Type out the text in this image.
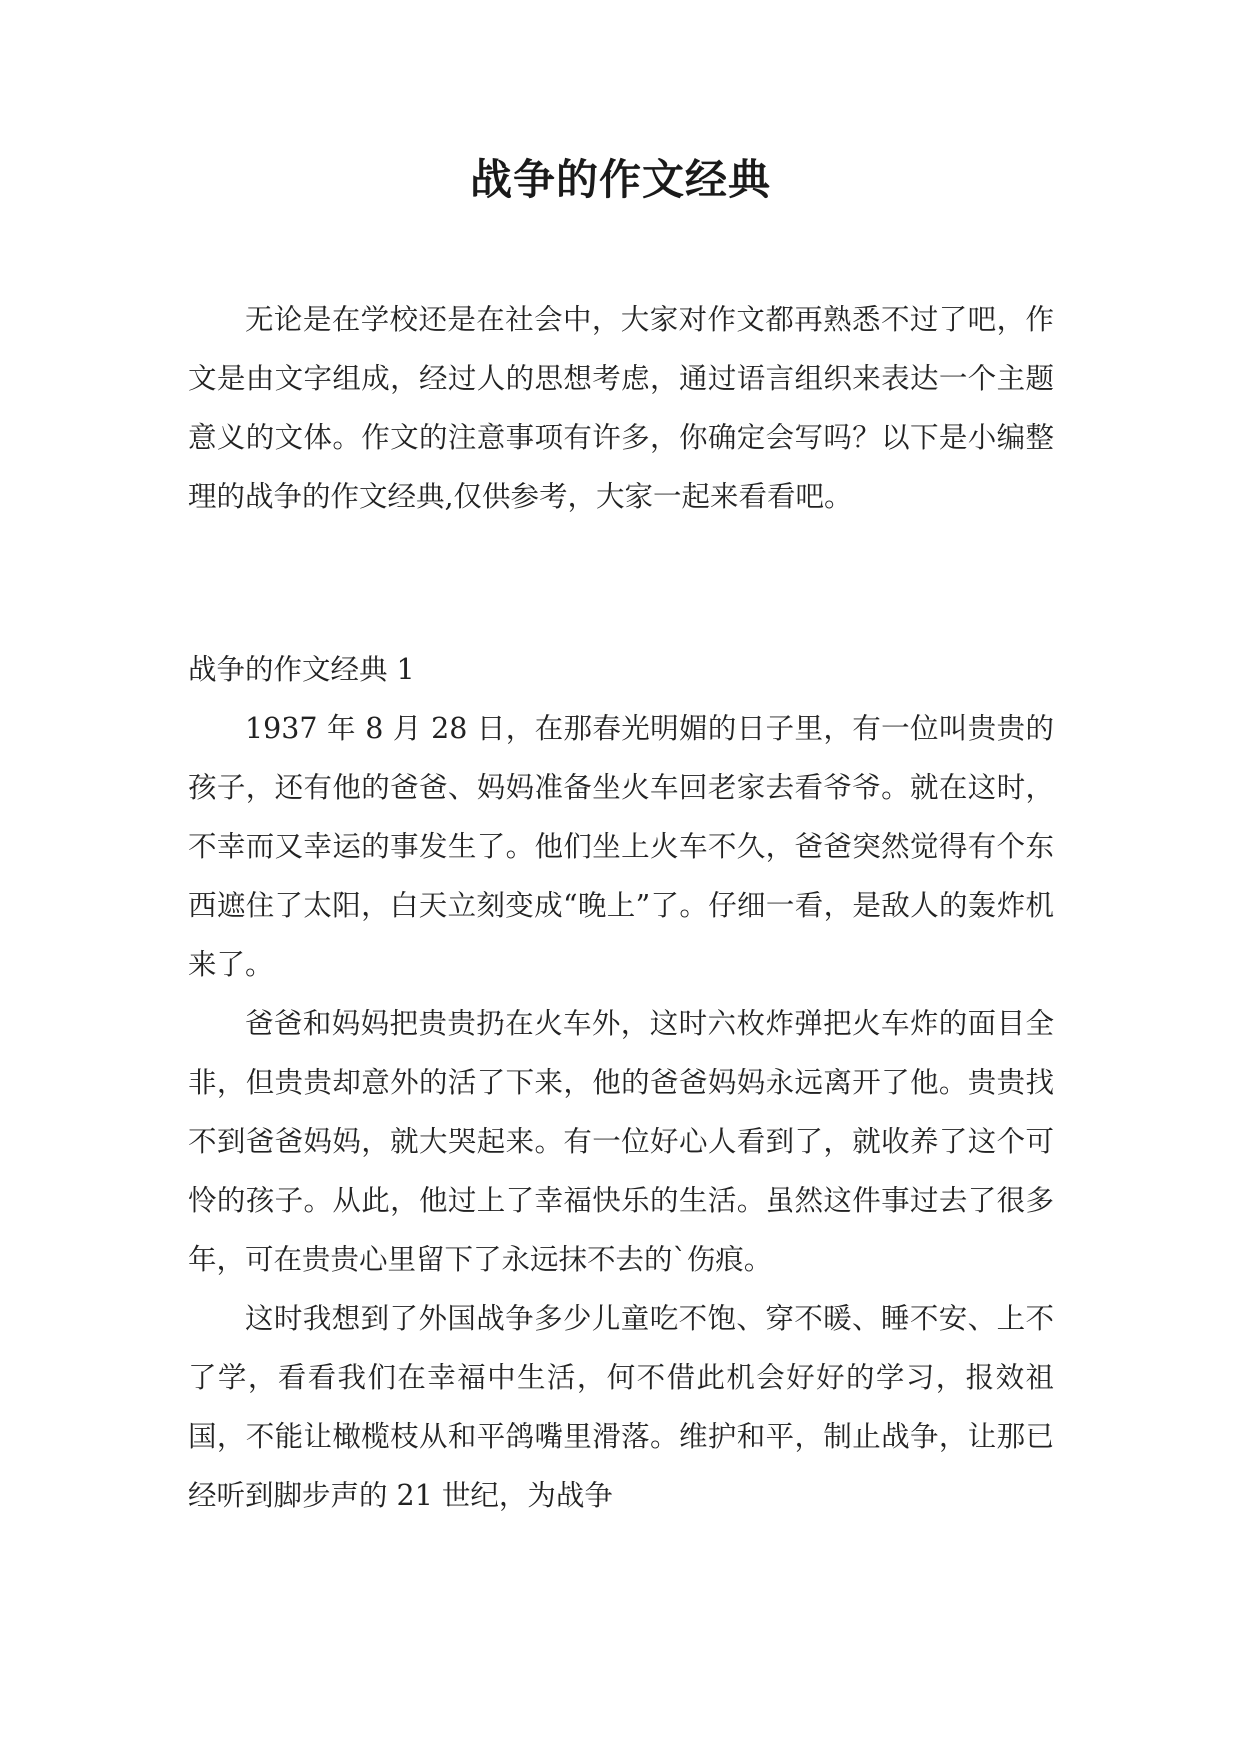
战争的作文经典

无论是在学校还是在社会中，大家对作文都再熟悉不过了吧，作文是由文字组成，经过人的思想考虑，通过语言组织来表达一个主题意义的文体。作文的注意事项有许多，你确定会写吗？以下是小编整理的战争的作文经典,仅供参考，大家一起来看看吧。

战争的作文经典 1

1937 年 8 月 28 日，在那春光明媚的日子里，有一位叫贵贵的孩子，还有他的爸爸、妈妈准备坐火车回老家去看爷爷。就在这时，不幸而又幸运的事发生了。他们坐上火车不久，爸爸突然觉得有个东西遮住了太阳，白天立刻变成“晚上”了。仔细一看，是敌人的轰炸机来了。

爸爸和妈妈把贵贵扔在火车外，这时六枚炸弹把火车炸的面目全非，但贵贵却意外的活了下来，他的爸爸妈妈永远离开了他。贵贵找不到爸爸妈妈，就大哭起来。有一位好心人看到了，就收养了这个可怜的孩子。从此，他过上了幸福快乐的生活。虽然这件事过去了很多年，可在贵贵心里留下了永远抹不去的`伤痕。

这时我想到了外国战争多少儿童吃不饱、穿不暖、睡不安、上不了学，看看我们在幸福中生活，何不借此机会好好的学习，报效祖国，不能让橄榄枝从和平鸽嘴里滑落。维护和平，制止战争，让那已经听到脚步声的 21 世纪，为战争
